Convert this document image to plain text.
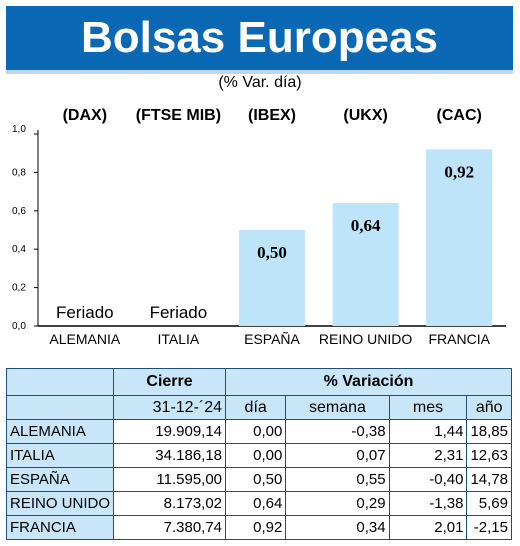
Bolsas Europeas
(% Var. día)
0,0
0,2
0,4
0,6
0,8
1,0
(DAX)
ALEMANIA
Feriado
(FTSE MIB)
ITALIA
Feriado
(IBEX)
ESPAÑA
0,50
(UKX)
REINO UNIDO
0,64
(CAC)
FRANCIA
0,92
	Cierre	% Variación			
	31-12-´24	día	semana	mes	año
ALEMANIA	19.909,14	0,00	-0,38	1,44	18,85
ITALIA	34.186,18	0,00	0,07	2,31	12,63
ESPAÑA	11.595,00	0,50	0,55	-0,40	14,78
REINO UNIDO	8.173,02	0,64	0,29	-1,38	5,69
FRANCIA	7.380,74	0,92	0,34	2,01	-2,15
